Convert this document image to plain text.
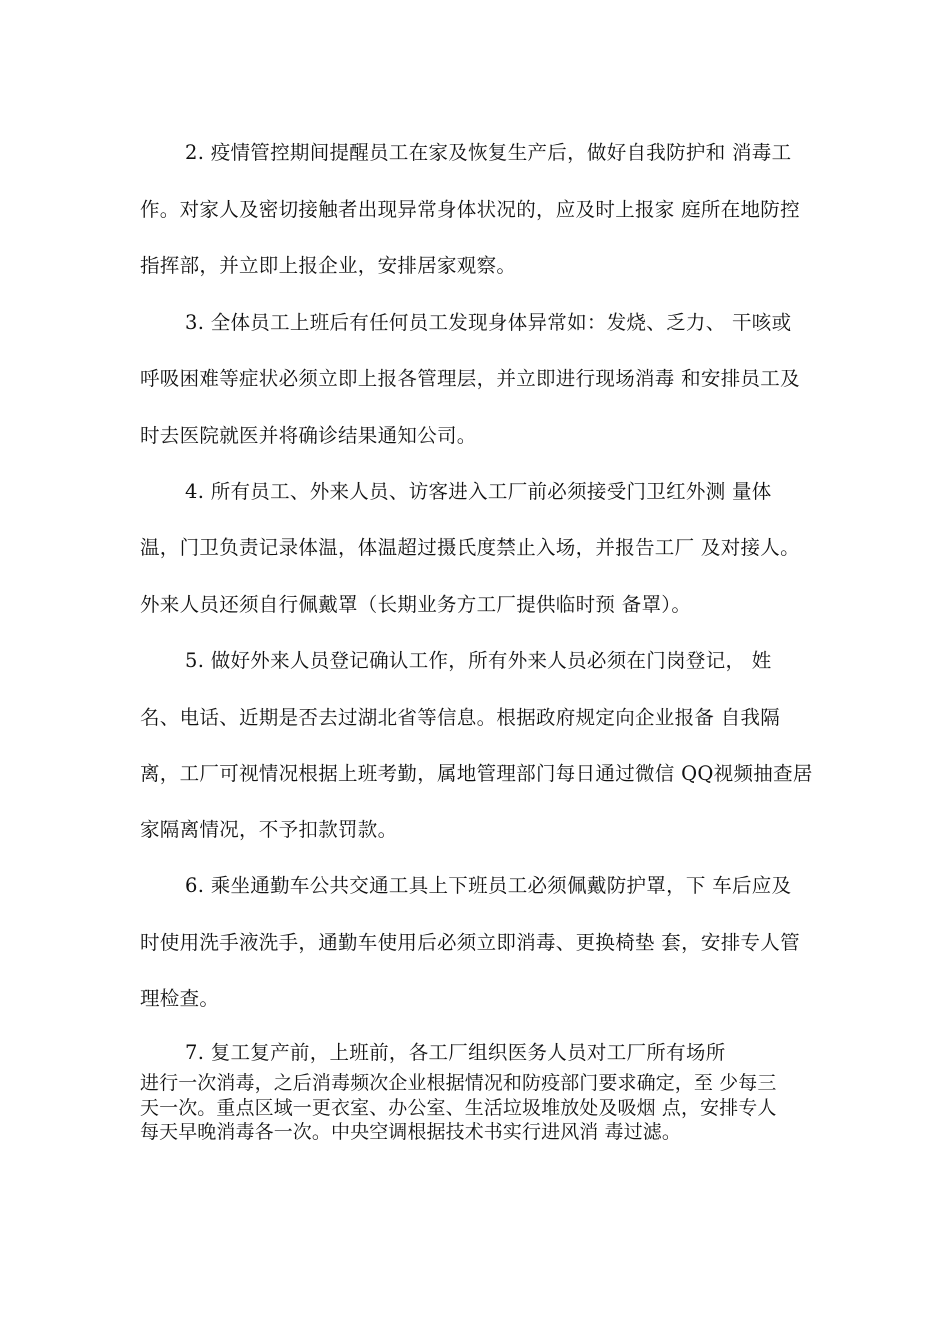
2. 疫情管控期间提醒员工在家及恢复生产后，做好自我防护和 消毒工
作。对家人及密切接触者出现异常身体状况的，应及时上报家 庭所在地防控
指挥部，并立即上报企业，安排居家观察。
3. 全体员工上班后有任何员工发现身体异常如：发烧、乏力、 干咳或
呼吸困难等症状必须立即上报各管理层，并立即进行现场消毒 和安排员工及
时去医院就医并将确诊结果通知公司。
4. 所有员工、外来人员、访客进入工厂前必须接受门卫红外测 量体
温，门卫负责记录体温，体温超过摄氏度禁止入场，并报告工厂 及对接人。
外来人员还须自行佩戴罩（长期业务方工厂提供临时预 备罩）。
5. 做好外来人员登记确认工作，所有外来人员必须在门岗登记， 姓
名、电话、近期是否去过湖北省等信息。根据政府规定向企业报备 自我隔
离，工厂可视情况根据上班考勤，属地管理部门每日通过微信 QQ视频抽查居
家隔离情况，不予扣款罚款。
6. 乘坐通勤车公共交通工具上下班员工必须佩戴防护罩，下 车后应及
时使用洗手液洗手，通勤车使用后必须立即消毒、更换椅垫 套，安排专人管
理检查。
7. 复工复产前，上班前，各工厂组织医务人员对工厂所有场所
进行一次消毒，之后消毒频次企业根据情况和防疫部门要求确定，至 少每三
天一次。重点区域一更衣室、办公室、生活垃圾堆放处及吸烟 点，安排专人
每天早晚消毒各一次。中央空调根据技术书实行进风消 毒过滤。
